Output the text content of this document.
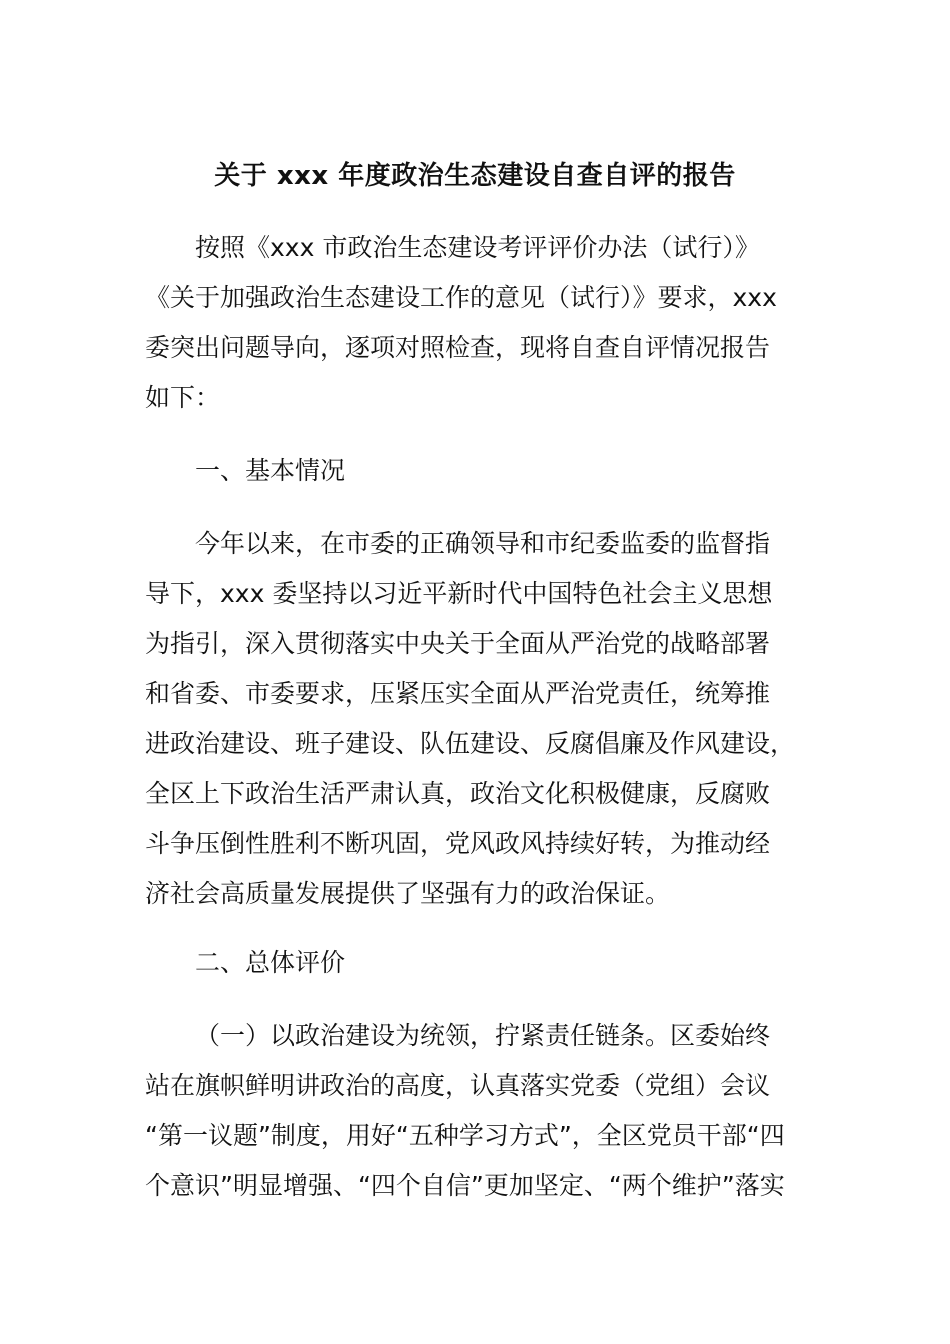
关于 xxx 年度政治生态建设自查自评的报告
按照《xxx 市政治生态建设考评评价办法（试行）》
《关于加强政治生态建设工作的意见（试行）》要求，xxx
委突出问题导向，逐项对照检查，现将自查自评情况报告
如下：
一、基本情况
今年以来，在市委的正确领导和市纪委监委的监督指
导下，xxx 委坚持以习近平新时代中国特色社会主义思想
为指引，深入贯彻落实中央关于全面从严治党的战略部署
和省委、市委要求，压紧压实全面从严治党责任，统筹推
进政治建设、班子建设、队伍建设、反腐倡廉及作风建设，
全区上下政治生活严肃认真，政治文化积极健康，反腐败
斗争压倒性胜利不断巩固，党风政风持续好转，为推动经
济社会高质量发展提供了坚强有力的政治保证。
二、总体评价
（一）以政治建设为统领，拧紧责任链条。区委始终
站在旗帜鲜明讲政治的高度，认真落实党委（党组）会议
“第一议题”制度，用好“五种学习方式”，全区党员干部“四
个意识”明显增强、“四个自信”更加坚定、“两个维护”落实
